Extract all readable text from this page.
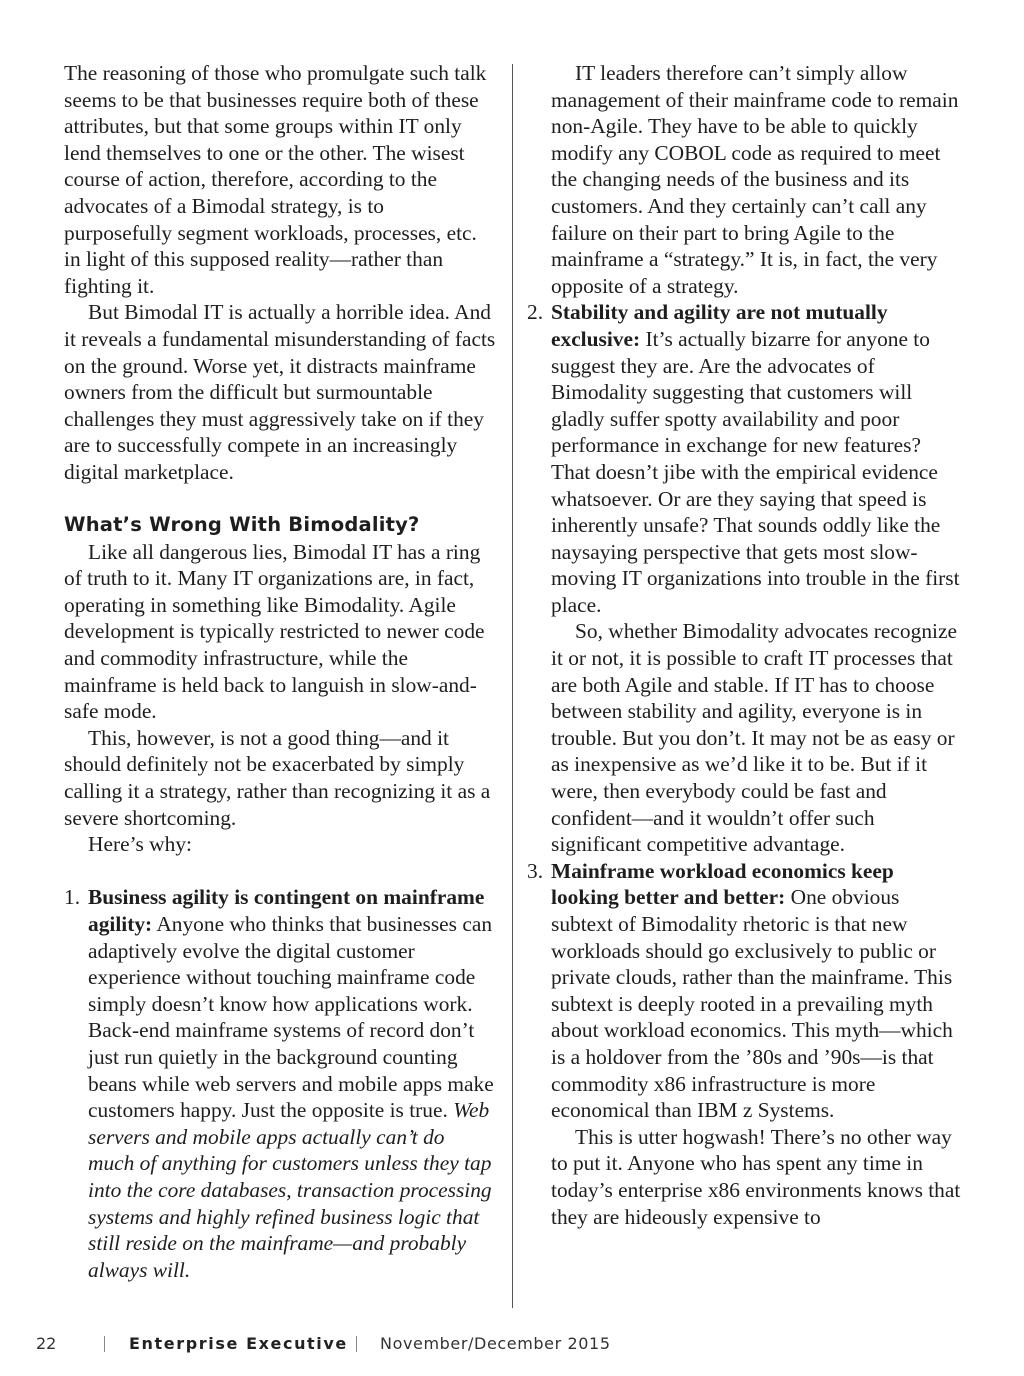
The reasoning of those who promulgate such talk seems to be that businesses require both of these attributes, but that some groups within IT only lend themselves to one or the other. The wisest course of action, therefore, according to the advocates of a Bimodal strategy, is to purposefully segment workloads, processes, etc. in light of this supposed reality—rather than fighting it.

But Bimodal IT is actually a horrible idea. And it reveals a fundamental misunderstanding of facts on the ground. Worse yet, it distracts mainframe owners from the difficult but surmountable challenges they must aggressively take on if they are to successfully compete in an increasingly digital marketplace.

What’s Wrong With Bimodality?

Like all dangerous lies, Bimodal IT has a ring of truth to it. Many IT organizations are, in fact, operating in something like Bimodality. Agile development is typically restricted to newer code and commodity infrastructure, while the mainframe is held back to languish in slow-and-safe mode.

This, however, is not a good thing—and it should definitely not be exacerbated by simply calling it a strategy, rather than recognizing it as a severe shortcoming.

Here’s why:

1. Business agility is contingent on mainframe agility: Anyone who thinks that businesses can adaptively evolve the digital customer experience without touching mainframe code simply doesn’t know how applications work. Back-end mainframe systems of record don’t just run quietly in the background counting beans while web servers and mobile apps make customers happy. Just the opposite is true. Web servers and mobile apps actually can’t do much of anything for customers unless they tap into the core databases, transaction processing systems and highly refined business logic that still reside on the mainframe—and probably always will.

IT leaders therefore can’t simply allow management of their mainframe code to remain non-Agile. They have to be able to quickly modify any COBOL code as required to meet the changing needs of the business and its customers. And they certainly can’t call any failure on their part to bring Agile to the mainframe a “strategy.” It is, in fact, the very opposite of a strategy.

2. Stability and agility are not mutually exclusive: It’s actually bizarre for anyone to suggest they are. Are the advocates of Bimodality suggesting that customers will gladly suffer spotty availability and poor performance in exchange for new features? That doesn’t jibe with the empirical evidence whatsoever. Or are they saying that speed is inherently unsafe? That sounds oddly like the naysaying perspective that gets most slow-moving IT organizations into trouble in the first place.

So, whether Bimodality advocates recognize it or not, it is possible to craft IT processes that are both Agile and stable. If IT has to choose between stability and agility, everyone is in trouble. But you don’t. It may not be as easy or as inexpensive as we’d like it to be. But if it were, then everybody could be fast and confident—and it wouldn’t offer such significant competitive advantage.

3. Mainframe workload economics keep looking better and better: One obvious subtext of Bimodality rhetoric is that new workloads should go exclusively to public or private clouds, rather than the mainframe. This subtext is deeply rooted in a prevailing myth about workload economics. This myth—which is a holdover from the ’80s and ’90s—is that commodity x86 infrastructure is more economical than IBM z Systems.

This is utter hogwash! There’s no other way to put it. Anyone who has spent any time in today’s enterprise x86 environments knows that they are hideously expensive to

22	Enterprise Executive November/December 2015
